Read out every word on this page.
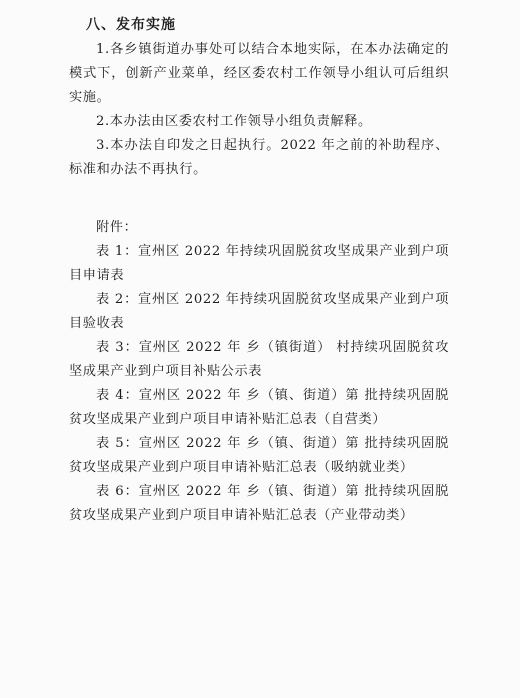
八、发布实施

1.各乡镇街道办事处可以结合本地实际，在本办法确定的模式下，创新产业菜单，经区委农村工作领导小组认可后组织实施。

2.本办法由区委农村工作领导小组负责解释。

3.本办法自印发之日起执行。2022 年之前的补助程序、标准和办法不再执行。

附件：

表 1：宣州区 2022 年持续巩固脱贫攻坚成果产业到户项目申请表

表 2：宣州区 2022 年持续巩固脱贫攻坚成果产业到户项目验收表

表 3：宣州区 2022 年 乡（镇街道） 村持续巩固脱贫攻坚成果产业到户项目补贴公示表

表 4：宣州区 2022 年 乡（镇、街道）第 批持续巩固脱贫攻坚成果产业到户项目申请补贴汇总表（自营类）

表 5：宣州区 2022 年 乡（镇、街道）第 批持续巩固脱贫攻坚成果产业到户项目申请补贴汇总表（吸纳就业类）

表 6：宣州区 2022 年 乡（镇、街道）第 批持续巩固脱贫攻坚成果产业到户项目申请补贴汇总表（产业带动类）
